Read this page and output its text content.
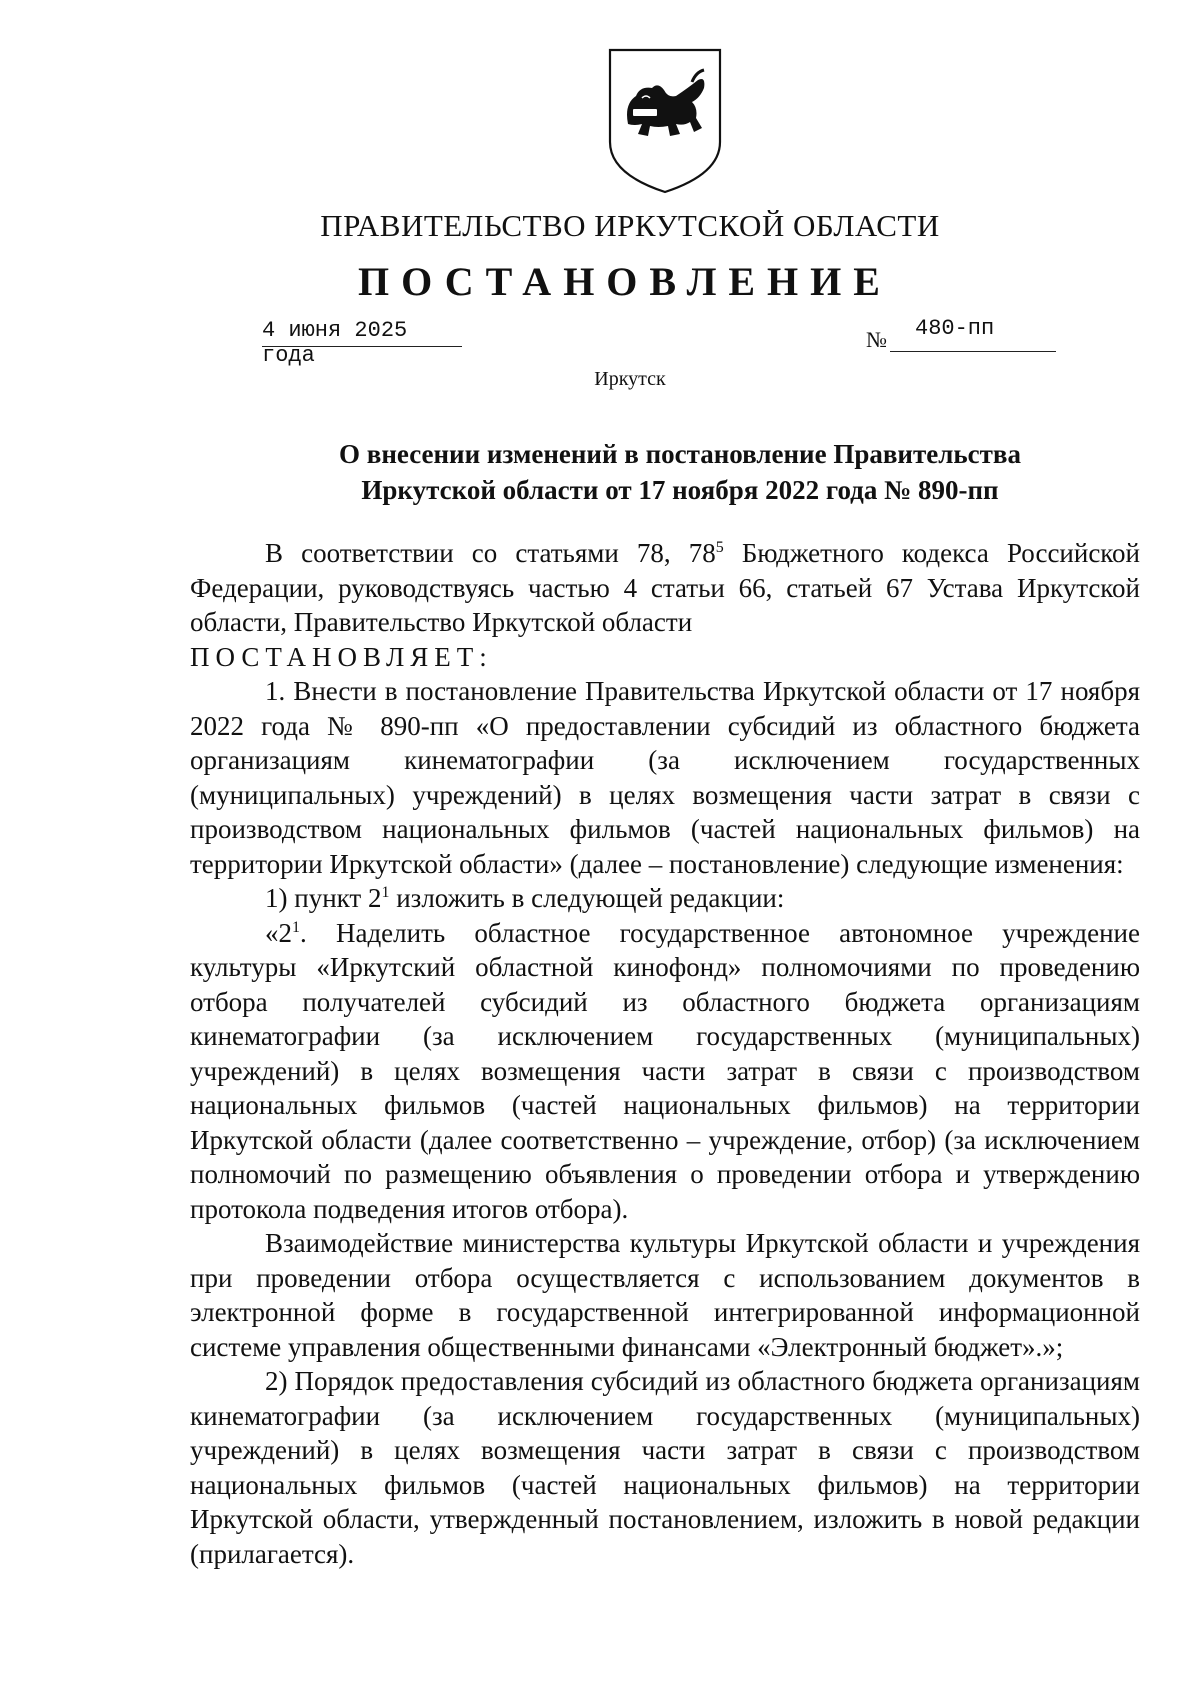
ПРАВИТЕЛЬСТВО ИРКУТСКОЙ ОБЛАСТИ
ПОСТАНОВЛЕНИЕ
4 июня 2025 года
№ 480-пп
Иркутск
О внесении изменений в постановление Правительства
Иркутской области от 17 ноября 2022 года № 890-пп

В соответствии со статьями 78, $78^5$ Бюджетного кодекса Российской Федерации, руководствуясь частью 4 статьи 66, статьей 67 Устава Иркутской области, Правительство Иркутской области

ПОСТАНОВЛЯЕТ:

1. Внести в постановление Правительства Иркутской области от 17 ноября 2022 года № 890-пп «О предоставлении субсидий из областного бюджета организациям кинематографии (за исключением государственных (муниципальных) учреждений) в целях возмещения части затрат в связи с производством национальных фильмов (частей национальных фильмов) на территории Иркутской области» (далее – постановление) следующие изменения:

1) пункт $2^1$ изложить в следующей редакции:

«$2^1$. Наделить областное государственное автономное учреждение культуры «Иркутский областной кинофонд» полномочиями по проведению отбора получателей субсидий из областного бюджета организациям кинематографии (за исключением государственных (муниципальных) учреждений) в целях возмещения части затрат в связи с производством национальных фильмов (частей национальных фильмов) на территории Иркутской области (далее соответственно – учреждение, отбор) (за исключением полномочий по размещению объявления о проведении отбора и утверждению протокола подведения итогов отбора).

Взаимодействие министерства культуры Иркутской области и учреждения при проведении отбора осуществляется с использованием документов в электронной форме в государственной интегрированной информационной системе управления общественными финансами «Электронный бюджет».»;

2) Порядок предоставления субсидий из областного бюджета организациям кинематографии (за исключением государственных (муниципальных) учреждений) в целях возмещения части затрат в связи с производством национальных фильмов (частей национальных фильмов) на территории Иркутской области, утвержденный постановлением, изложить в новой редакции (прилагается).
